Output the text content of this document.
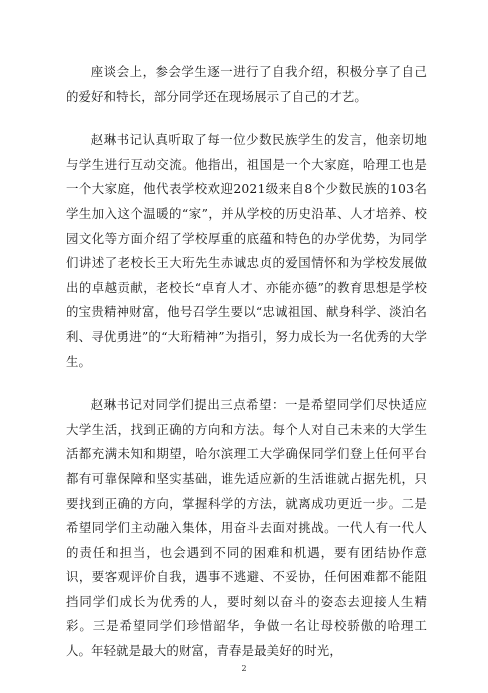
座谈会上，参会学生逐一进行了自我介绍，积极分享了自己的爱好和特长，部分同学还在现场展示了自己的才艺。

赵琳书记认真听取了每一位少数民族学生的发言，他亲切地与学生进行互动交流。他指出，祖国是一个大家庭，哈理工也是一个大家庭，他代表学校欢迎2021级来自8个少数民族的103名学生加入这个温暖的“家”，并从学校的历史沿革、人才培养、校园文化等方面介绍了学校厚重的底蕴和特色的办学优势，为同学们讲述了老校长王大珩先生赤诚忠贞的爱国情怀和为学校发展做出的卓越贡献，老校长“卓育人才、亦能亦德”的教育思想是学校的宝贵精神财富，他号召学生要以“忠诚祖国、献身科学、淡泊名利、寻优勇进”的“大珩精神”为指引，努力成长为一名优秀的大学生。

赵琳书记对同学们提出三点希望：一是希望同学们尽快适应大学生活，找到正确的方向和方法。每个人对自己未来的大学生活都充满未知和期望，哈尔滨理工大学确保同学们登上任何平台都有可靠保障和坚实基础，谁先适应新的生活谁就占据先机，只要找到正确的方向，掌握科学的方法，就离成功更近一步。二是希望同学们主动融入集体，用奋斗去面对挑战。一代人有一代人的责任和担当，也会遇到不同的困难和机遇，要有团结协作意识，要客观评价自我，遇事不逃避、不妥协，任何困难都不能阻挡同学们成长为优秀的人，要时刻以奋斗的姿态去迎接人生精彩。三是希望同学们珍惜韶华，争做一名让母校骄傲的哈理工人。年轻就是最大的财富，青春是最美好的时光，

2
